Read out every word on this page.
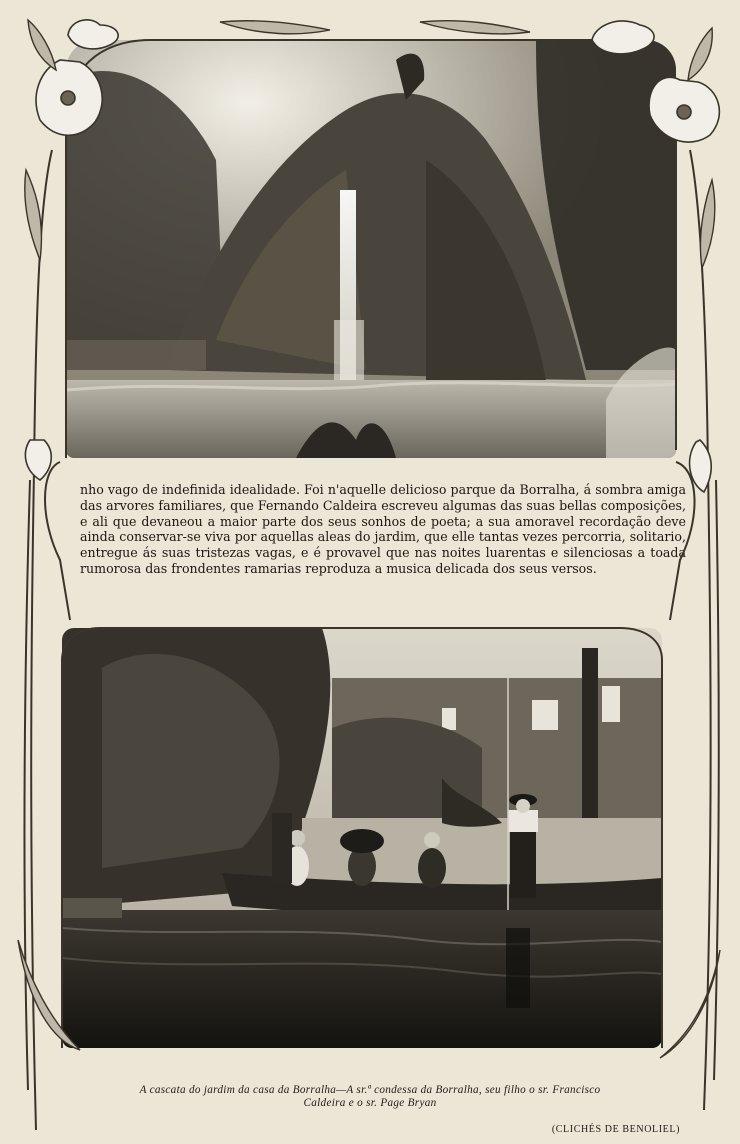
nho vago de indefinida idealidade. Foi n'aquelle delicioso parque da Borralha, á sombra amiga das arvores familiares, que Fernando Caldeira escreveu algumas das suas bellas composições, e ali que devaneou a maior parte dos seus sonhos de poeta; a sua amoravel recordação deve ainda conservar-se viva por aquellas aleas do jardim, que elle tantas vezes percorria, solitario, entregue ás suas tristezas vagas, e é provavel que nas noites luarentas e silenciosas a toada rumorosa das frondentes ramarias reproduza a musica delicada dos seus versos.

A cascata do jardim da casa da Borralha—A sr.ª condessa da Borralha, seu filho o sr. Francisco
Caldeira e o sr. Page Bryan

(CLICHÉS DE BENOLIEL)
